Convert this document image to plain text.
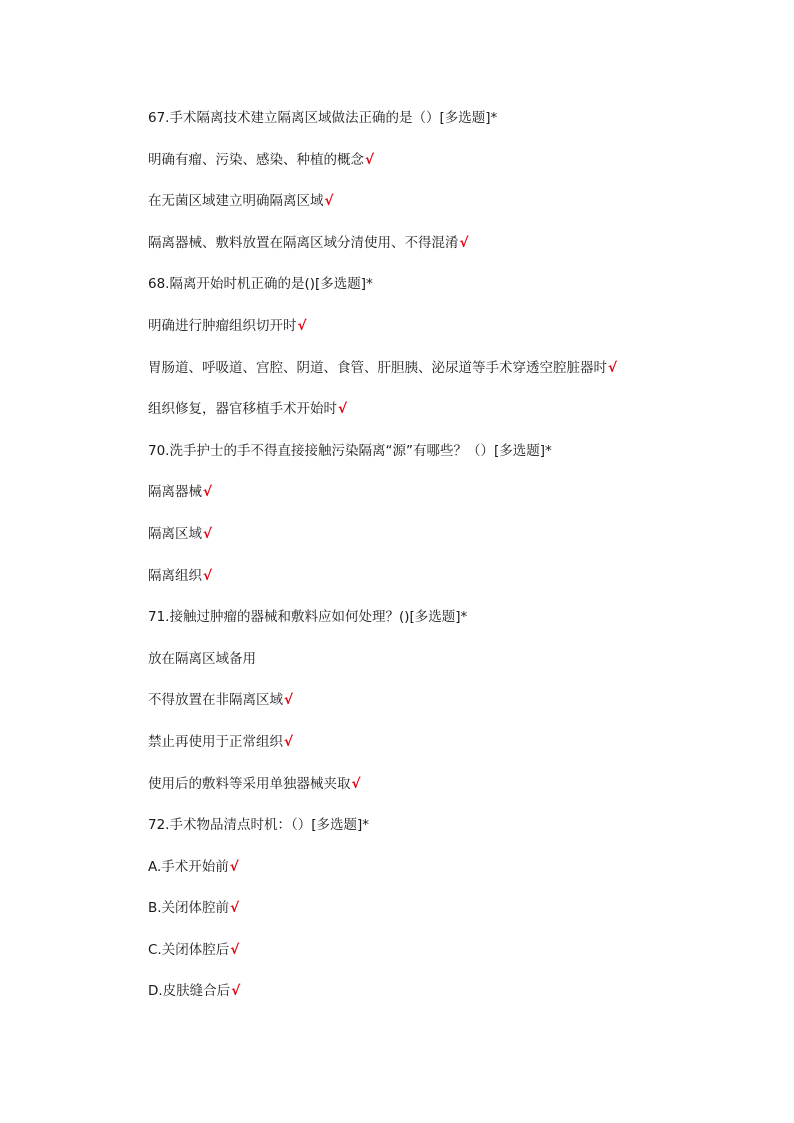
67.手术隔离技术建立隔离区域做法正确的是（）[多选题]*
明确有瘤、污染、感染、种植的概念√
在无菌区域建立明确隔离区域√
隔离器械、敷料放置在隔离区域分清使用、不得混淆√
68.隔离开始时机正确的是()[多选题]*
明确进行肿瘤组织切开时√
胃肠道、呼吸道、宫腔、阴道、食管、肝胆胰、泌尿道等手术穿透空腔脏器时√
组织修复，器官移植手术开始时√
70.洗手护士的手不得直接接触污染隔离“源”有哪些？（）[多选题]*
隔离器械√
隔离区域√
隔离组织√
71.接触过肿瘤的器械和敷料应如何处理？()[多选题]*
放在隔离区域备用
不得放置在非隔离区域√
禁止再使用于正常组织√
使用后的敷料等采用单独器械夹取√
72.手术物品清点时机：（）[多选题]*
A.手术开始前√
B.关闭体腔前√
C.关闭体腔后√
D.皮肤缝合后√
